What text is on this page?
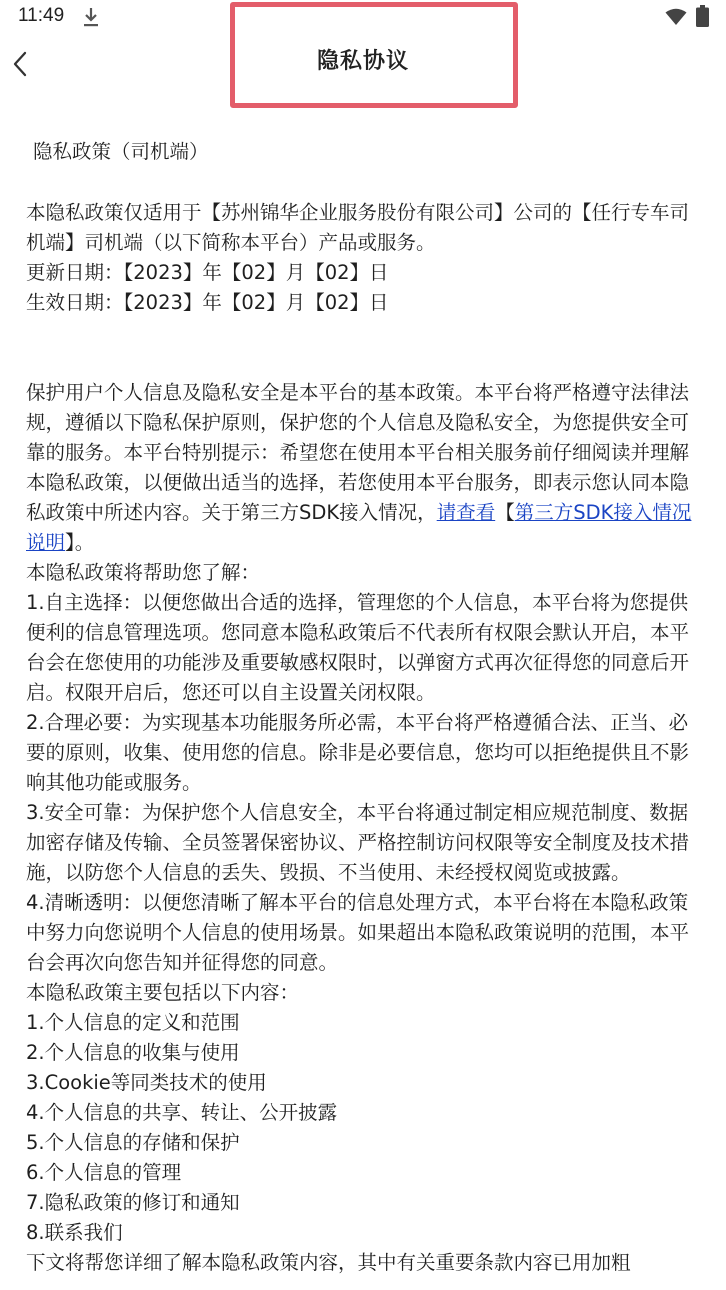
11:49
隐私协议
隐私政策（司机端）

本隐私政策仅适用于【苏州锦华企业服务股份有限公司】公司的【任行专车司机端】司机端（以下简称本平台）产品或服务。

更新日期：【2023】年【02】月【02】日

生效日期：【2023】年【02】月【02】日

保护用户个人信息及隐私安全是本平台的基本政策。本平台将严格遵守法律法规，遵循以下隐私保护原则，保护您的个人信息及隐私安全，为您提供安全可靠的服务。本平台特别提示：希望您在使用本平台相关服务前仔细阅读并理解本隐私政策，以便做出适当的选择，若您使用本平台服务，即表示您认同本隐私政策中所述内容。关于第三方SDK接入情况，请查看【第三方SDK接入情况说明】。

本隐私政策将帮助您了解：

1.自主选择：以便您做出合适的选择，管理您的个人信息，本平台将为您提供便利的信息管理选项。您同意本隐私政策后不代表所有权限会默认开启，本平台会在您使用的功能涉及重要敏感权限时，以弹窗方式再次征得您的同意后开启。权限开启后，您还可以自主设置关闭权限。

2.合理必要：为实现基本功能服务所必需，本平台将严格遵循合法、正当、必要的原则，收集、使用您的信息。除非是必要信息，您均可以拒绝提供且不影响其他功能或服务。

3.安全可靠：为保护您个人信息安全，本平台将通过制定相应规范制度、数据加密存储及传输、全员签署保密协议、严格控制访问权限等安全制度及技术措施，以防您个人信息的丢失、毁损、不当使用、未经授权阅览或披露。

4.清晰透明：以便您清晰了解本平台的信息处理方式，本平台将在本隐私政策中努力向您说明个人信息的使用场景。如果超出本隐私政策说明的范围，本平台会再次向您告知并征得您的同意。

本隐私政策主要包括以下内容：

1.个人信息的定义和范围

2.个人信息的收集与使用

3.Cookie等同类技术的使用

4.个人信息的共享、转让、公开披露

5.个人信息的存储和保护

6.个人信息的管理

7.隐私政策的修订和通知

8.联系我们

下文将帮您详细了解本隐私政策内容，其中有关重要条款内容已用加粗
